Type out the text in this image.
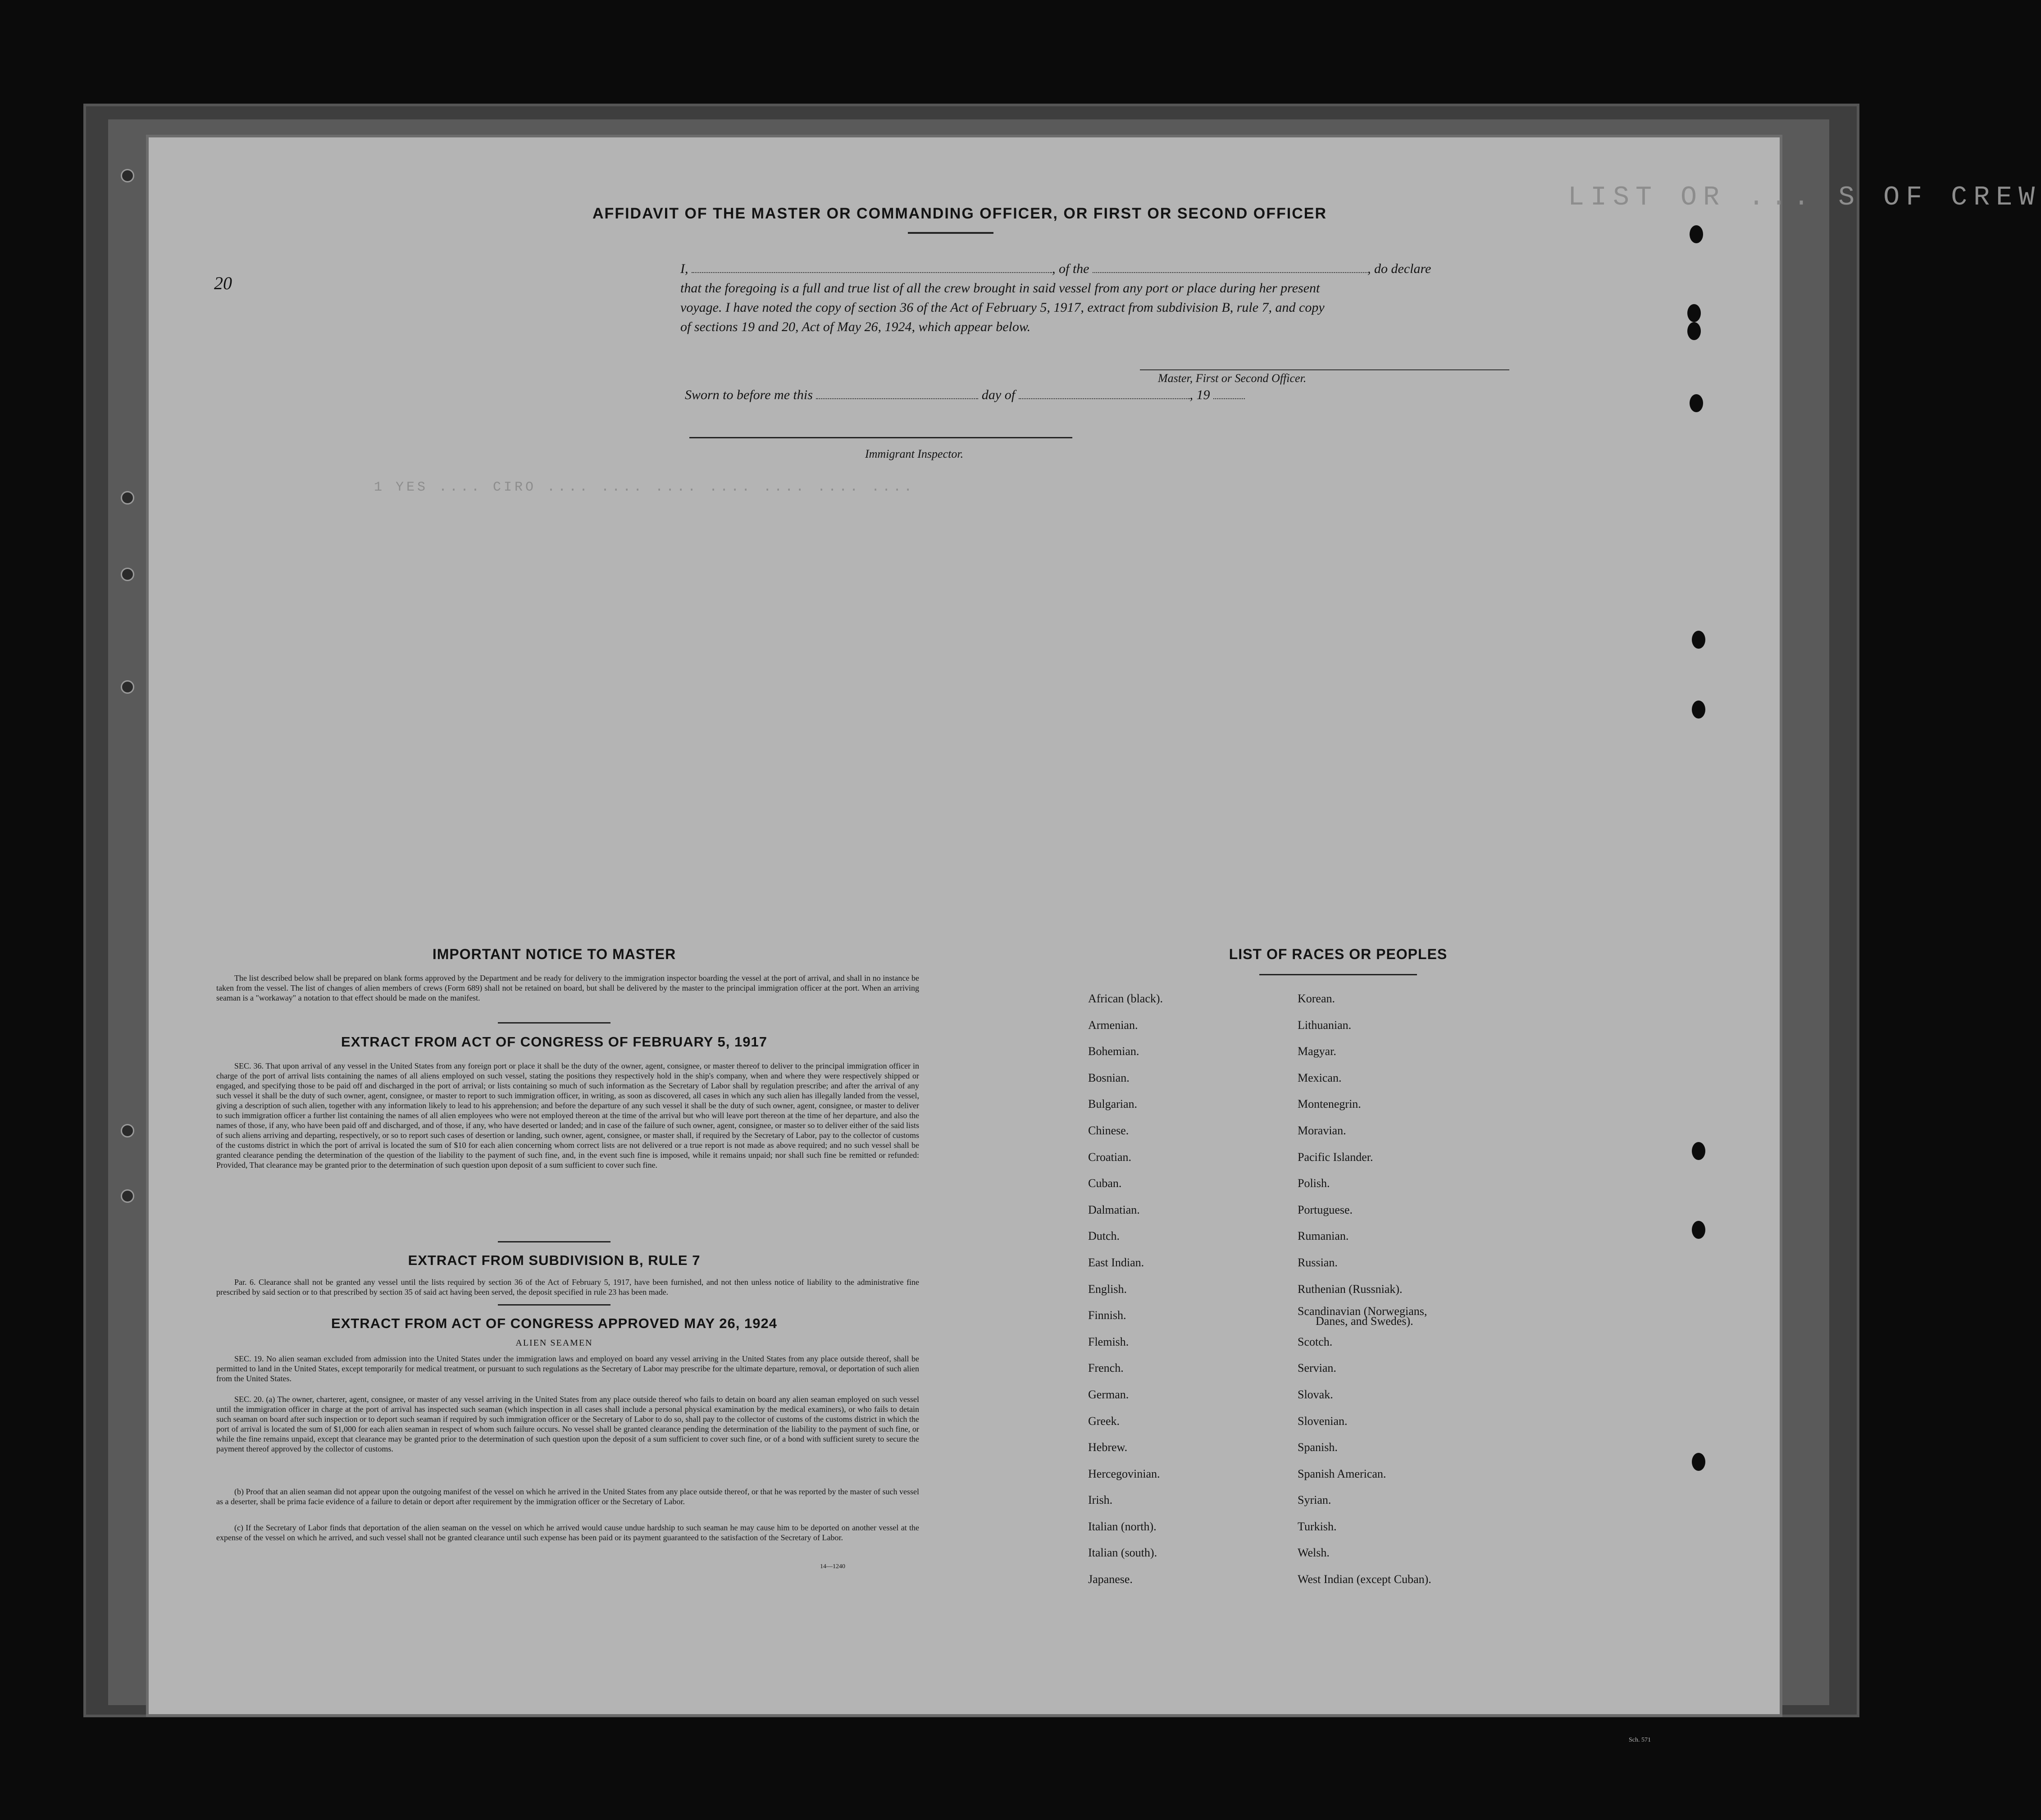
LIST OR ... S OF CREW
1 YES .... CIRO .... .... .... .... .... .... ....
AFFIDAVIT OF THE MASTER OR COMMANDING OFFICER, OR FIRST OR SECOND OFFICER
20
I,	, of the	, do declare
that the foregoing is a full and true list of all the crew brought in said vessel from any port or place during her present
voyage. I have noted the copy of section 36 of the Act of February 5, 1917, extract from subdivision B, rule 7, and copy
of sections 19 and 20, Act of May 26, 1924, which appear below.
Master, First or Second Officer.
Sworn to before me this	day of	, 19
Immigrant Inspector.
IMPORTANT NOTICE TO MASTER
The list described below shall be prepared on blank forms approved by the Department and be ready for delivery to the immigration inspector boarding the vessel at the port of arrival, and shall in no instance be taken from the vessel. The list of changes of alien members of crews (Form 689) shall not be retained on board, but shall be delivered by the master to the principal immigration officer at the port. When an arriving seaman is a "workaway" a notation to that effect should be made on the manifest.
EXTRACT FROM ACT OF CONGRESS OF FEBRUARY 5, 1917
SEC. 36. That upon arrival of any vessel in the United States from any foreign port or place it shall be the duty of the owner, agent, consignee, or master thereof to deliver to the principal immigration officer in charge of the port of arrival lists containing the names of all aliens employed on such vessel, stating the positions they respectively hold in the ship's company, when and where they were respectively shipped or engaged, and specifying those to be paid off and discharged in the port of arrival; or lists containing so much of such information as the Secretary of Labor shall by regulation prescribe; and after the arrival of any such vessel it shall be the duty of such owner, agent, consignee, or master to report to such immigration officer, in writing, as soon as discovered, all cases in which any such alien has illegally landed from the vessel, giving a description of such alien, together with any information likely to lead to his apprehension; and before the departure of any such vessel it shall be the duty of such owner, agent, consignee, or master to deliver to such immigration officer a further list containing the names of all alien employees who were not employed thereon at the time of the arrival but who will leave port thereon at the time of her departure, and also the names of those, if any, who have been paid off and discharged, and of those, if any, who have deserted or landed; and in case of the failure of such owner, agent, consignee, or master so to deliver either of the said lists of such aliens arriving and departing, respectively, or so to report such cases of desertion or landing, such owner, agent, consignee, or master shall, if required by the Secretary of Labor, pay to the collector of customs of the customs district in which the port of arrival is located the sum of $10 for each alien concerning whom correct lists are not delivered or a true report is not made as above required; and no such vessel shall be granted clearance pending the determination of the question of the liability to the payment of such fine, and, in the event such fine is imposed, while it remains unpaid; nor shall such fine be remitted or refunded: Provided, That clearance may be granted prior to the determination of such question upon deposit of a sum sufficient to cover such fine.
EXTRACT FROM SUBDIVISION B, RULE 7
Par. 6. Clearance shall not be granted any vessel until the lists required by section 36 of the Act of February 5, 1917, have been furnished, and not then unless notice of liability to the administrative fine prescribed by said section or to that prescribed by section 35 of said act having been served, the deposit specified in rule 23 has been made.
EXTRACT FROM ACT OF CONGRESS APPROVED MAY 26, 1924
ALIEN SEAMEN
SEC. 19. No alien seaman excluded from admission into the United States under the immigration laws and employed on board any vessel arriving in the United States from any place outside thereof, shall be permitted to land in the United States, except temporarily for medical treatment, or pursuant to such regulations as the Secretary of Labor may prescribe for the ultimate departure, removal, or deportation of such alien from the United States.
SEC. 20. (a) The owner, charterer, agent, consignee, or master of any vessel arriving in the United States from any place outside thereof who fails to detain on board any alien seaman employed on such vessel until the immigration officer in charge at the port of arrival has inspected such seaman (which inspection in all cases shall include a personal physical examination by the medical examiners), or who fails to detain such seaman on board after such inspection or to deport such seaman if required by such immigration officer or the Secretary of Labor to do so, shall pay to the collector of customs of the customs district in which the port of arrival is located the sum of $1,000 for each alien seaman in respect of whom such failure occurs. No vessel shall be granted clearance pending the determination of the liability to the payment of such fine, or while the fine remains unpaid, except that clearance may be granted prior to the determination of such question upon the deposit of a sum sufficient to cover such fine, or of a bond with sufficient surety to secure the payment thereof approved by the collector of customs.
(b) Proof that an alien seaman did not appear upon the outgoing manifest of the vessel on which he arrived in the United States from any place outside thereof, or that he was reported by the master of such vessel as a deserter, shall be prima facie evidence of a failure to detain or deport after requirement by the immigration officer or the Secretary of Labor.
(c) If the Secretary of Labor finds that deportation of the alien seaman on the vessel on which he arrived would cause undue hardship to such seaman he may cause him to be deported on another vessel at the expense of the vessel on which he arrived, and such vessel shall not be granted clearance until such expense has been paid or its payment guaranteed to the satisfaction of the Secretary of Labor.
14—1240
LIST OF RACES OR PEOPLES
African (black).
Armenian.
Bohemian.
Bosnian.
Bulgarian.
Chinese.
Croatian.
Cuban.
Dalmatian.
Dutch.
East Indian.
English.
Finnish.
Flemish.
French.
German.
Greek.
Hebrew.
Hercegovinian.
Irish.
Italian (north).
Italian (south).
Japanese.
Korean.
Lithuanian.
Magyar.
Mexican.
Montenegrin.
Moravian.
Pacific Islander.
Polish.
Portuguese.
Rumanian.
Russian.
Ruthenian (Russniak).
Scandinavian (Norwegians,
Danes, and Swedes).
Scotch.
Servian.
Slovak.
Slovenian.
Spanish.
Spanish American.
Syrian.
Turkish.
Welsh.
West Indian (except Cuban).
Sch. 571
